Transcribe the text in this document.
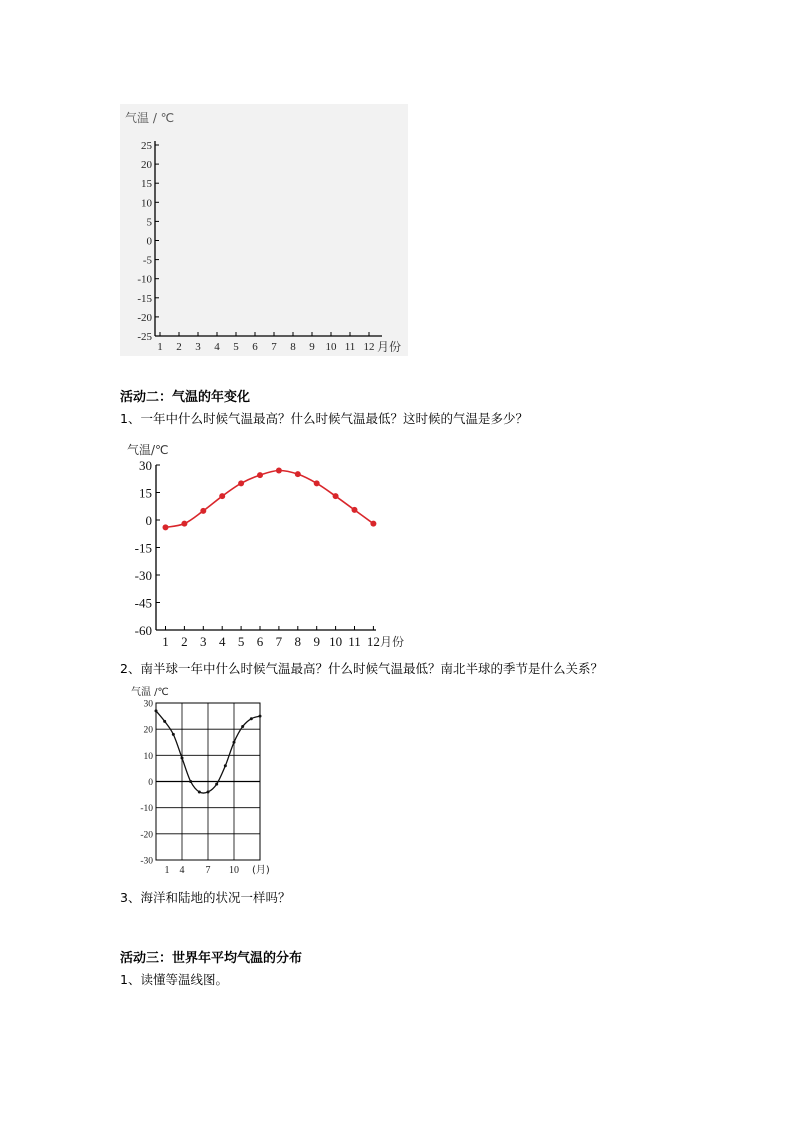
气温 / ℃
25
20
15
10
5
0
-5
-10
-15
-20
-25
1 2 3 4 5 6 7 8 9 10 11 12 月份
活动二：气温的年变化
1、一年中什么时候气温最高？什么时候气温最低？这时候的气温是多少？
气温/℃
30
15
0
-15
-30
-45
-60
1 2 3 4 5 6 7 8 9 10 11 12 月份
2、南半球一年中什么时候气温最高？什么时候气温最低？南北半球的季节是什么关系？
气温 /℃
30
20
10
0
-10
-20
-30
1 4 7 10 (月)
3、海洋和陆地的状况一样吗？
活动三：世界年平均气温的分布
1、读懂等温线图。
